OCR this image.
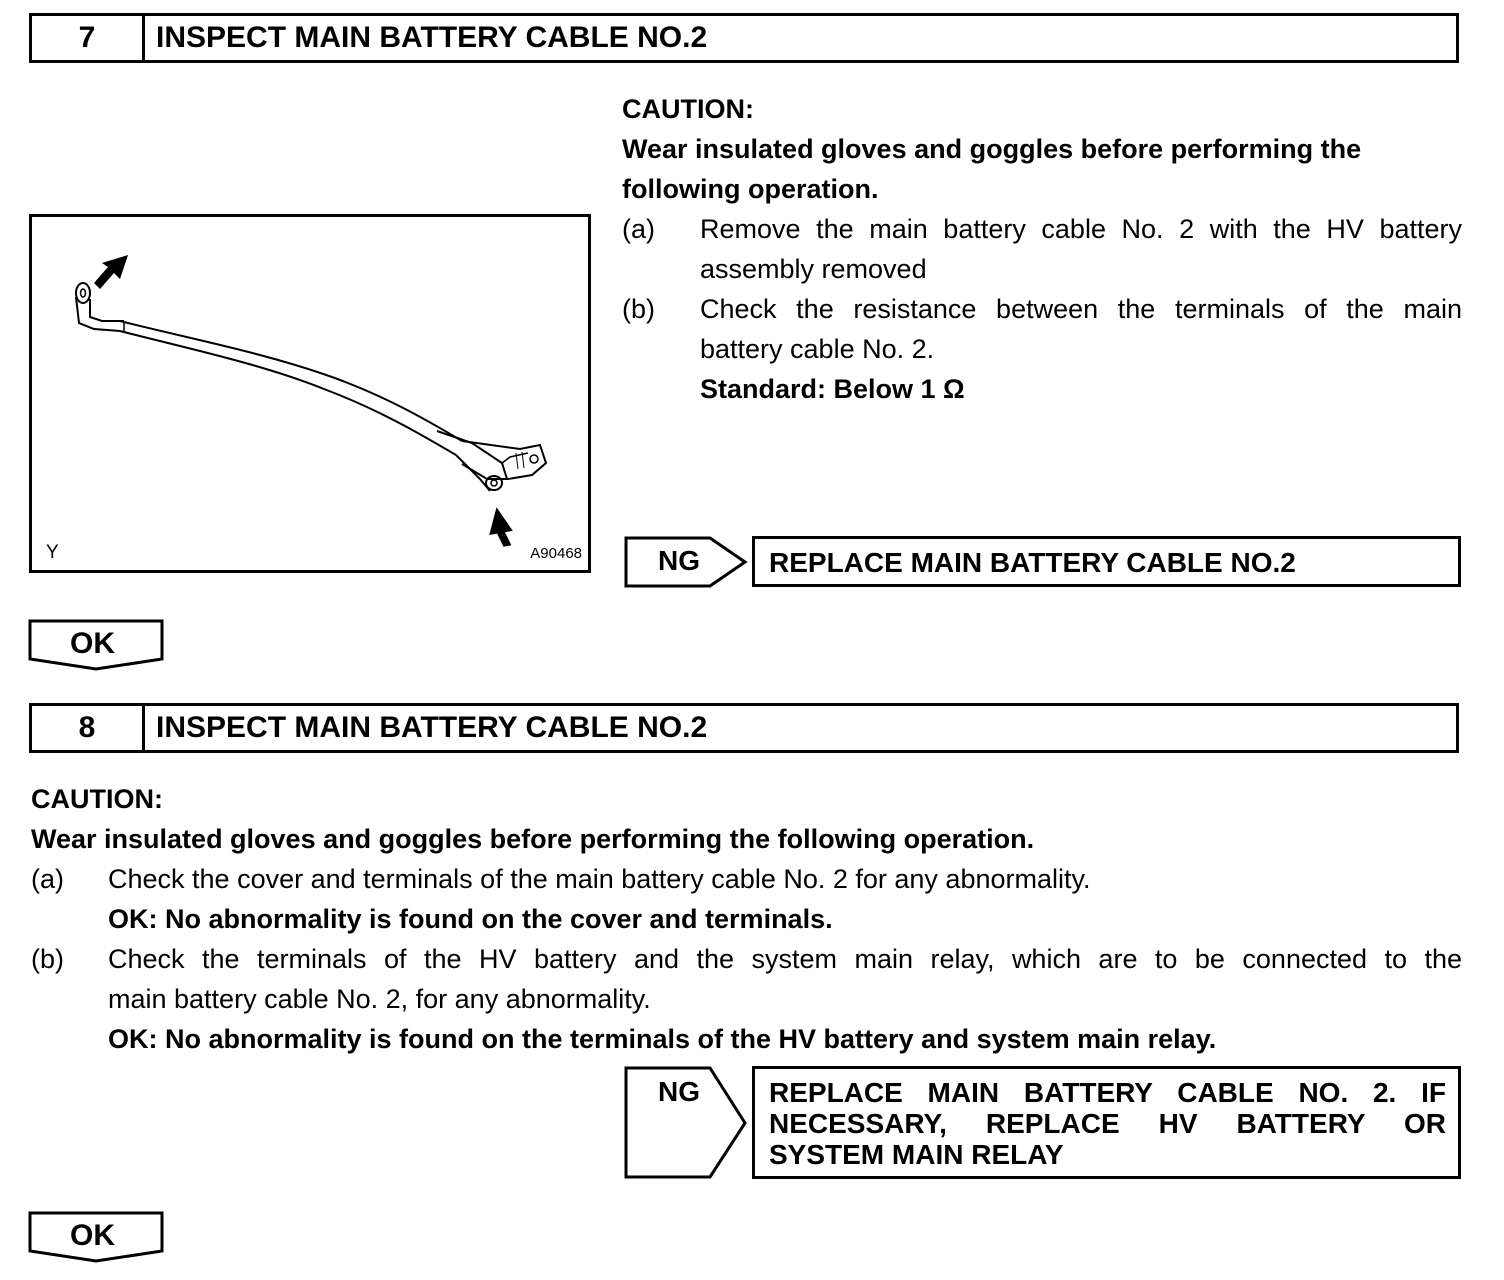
7	INSPECT MAIN BATTERY CABLE NO.2
CAUTION:
Wear insulated gloves and goggles before performing the
following operation.
(a) Remove the main battery cable No. 2 with the HV battery
assembly removed
(b) Check the resistance between the terminals of the main
battery cable No. 2.
Standard: Below 1 Ω
Y	A90468	NG	REPLACE MAIN BATTERY CABLE NO.2
OK
8	INSPECT MAIN BATTERY CABLE NO.2
CAUTION:
Wear insulated gloves and goggles before performing the following operation.
(a) Check the cover and terminals of the main battery cable No. 2 for any abnormality.
OK: No abnormality is found on the cover and terminals.
(b) Check the terminals of the HV battery and the system main relay, which are to be connected to the
main battery cable No. 2, for any abnormality.
OK: No abnormality is found on the terminals of the HV battery and system main relay.
NG REPLACE MAIN BATTERY CABLE NO. 2. IF
NECESSARY, REPLACE HV BATTERY OR
SYSTEM MAIN RELAY
OK
